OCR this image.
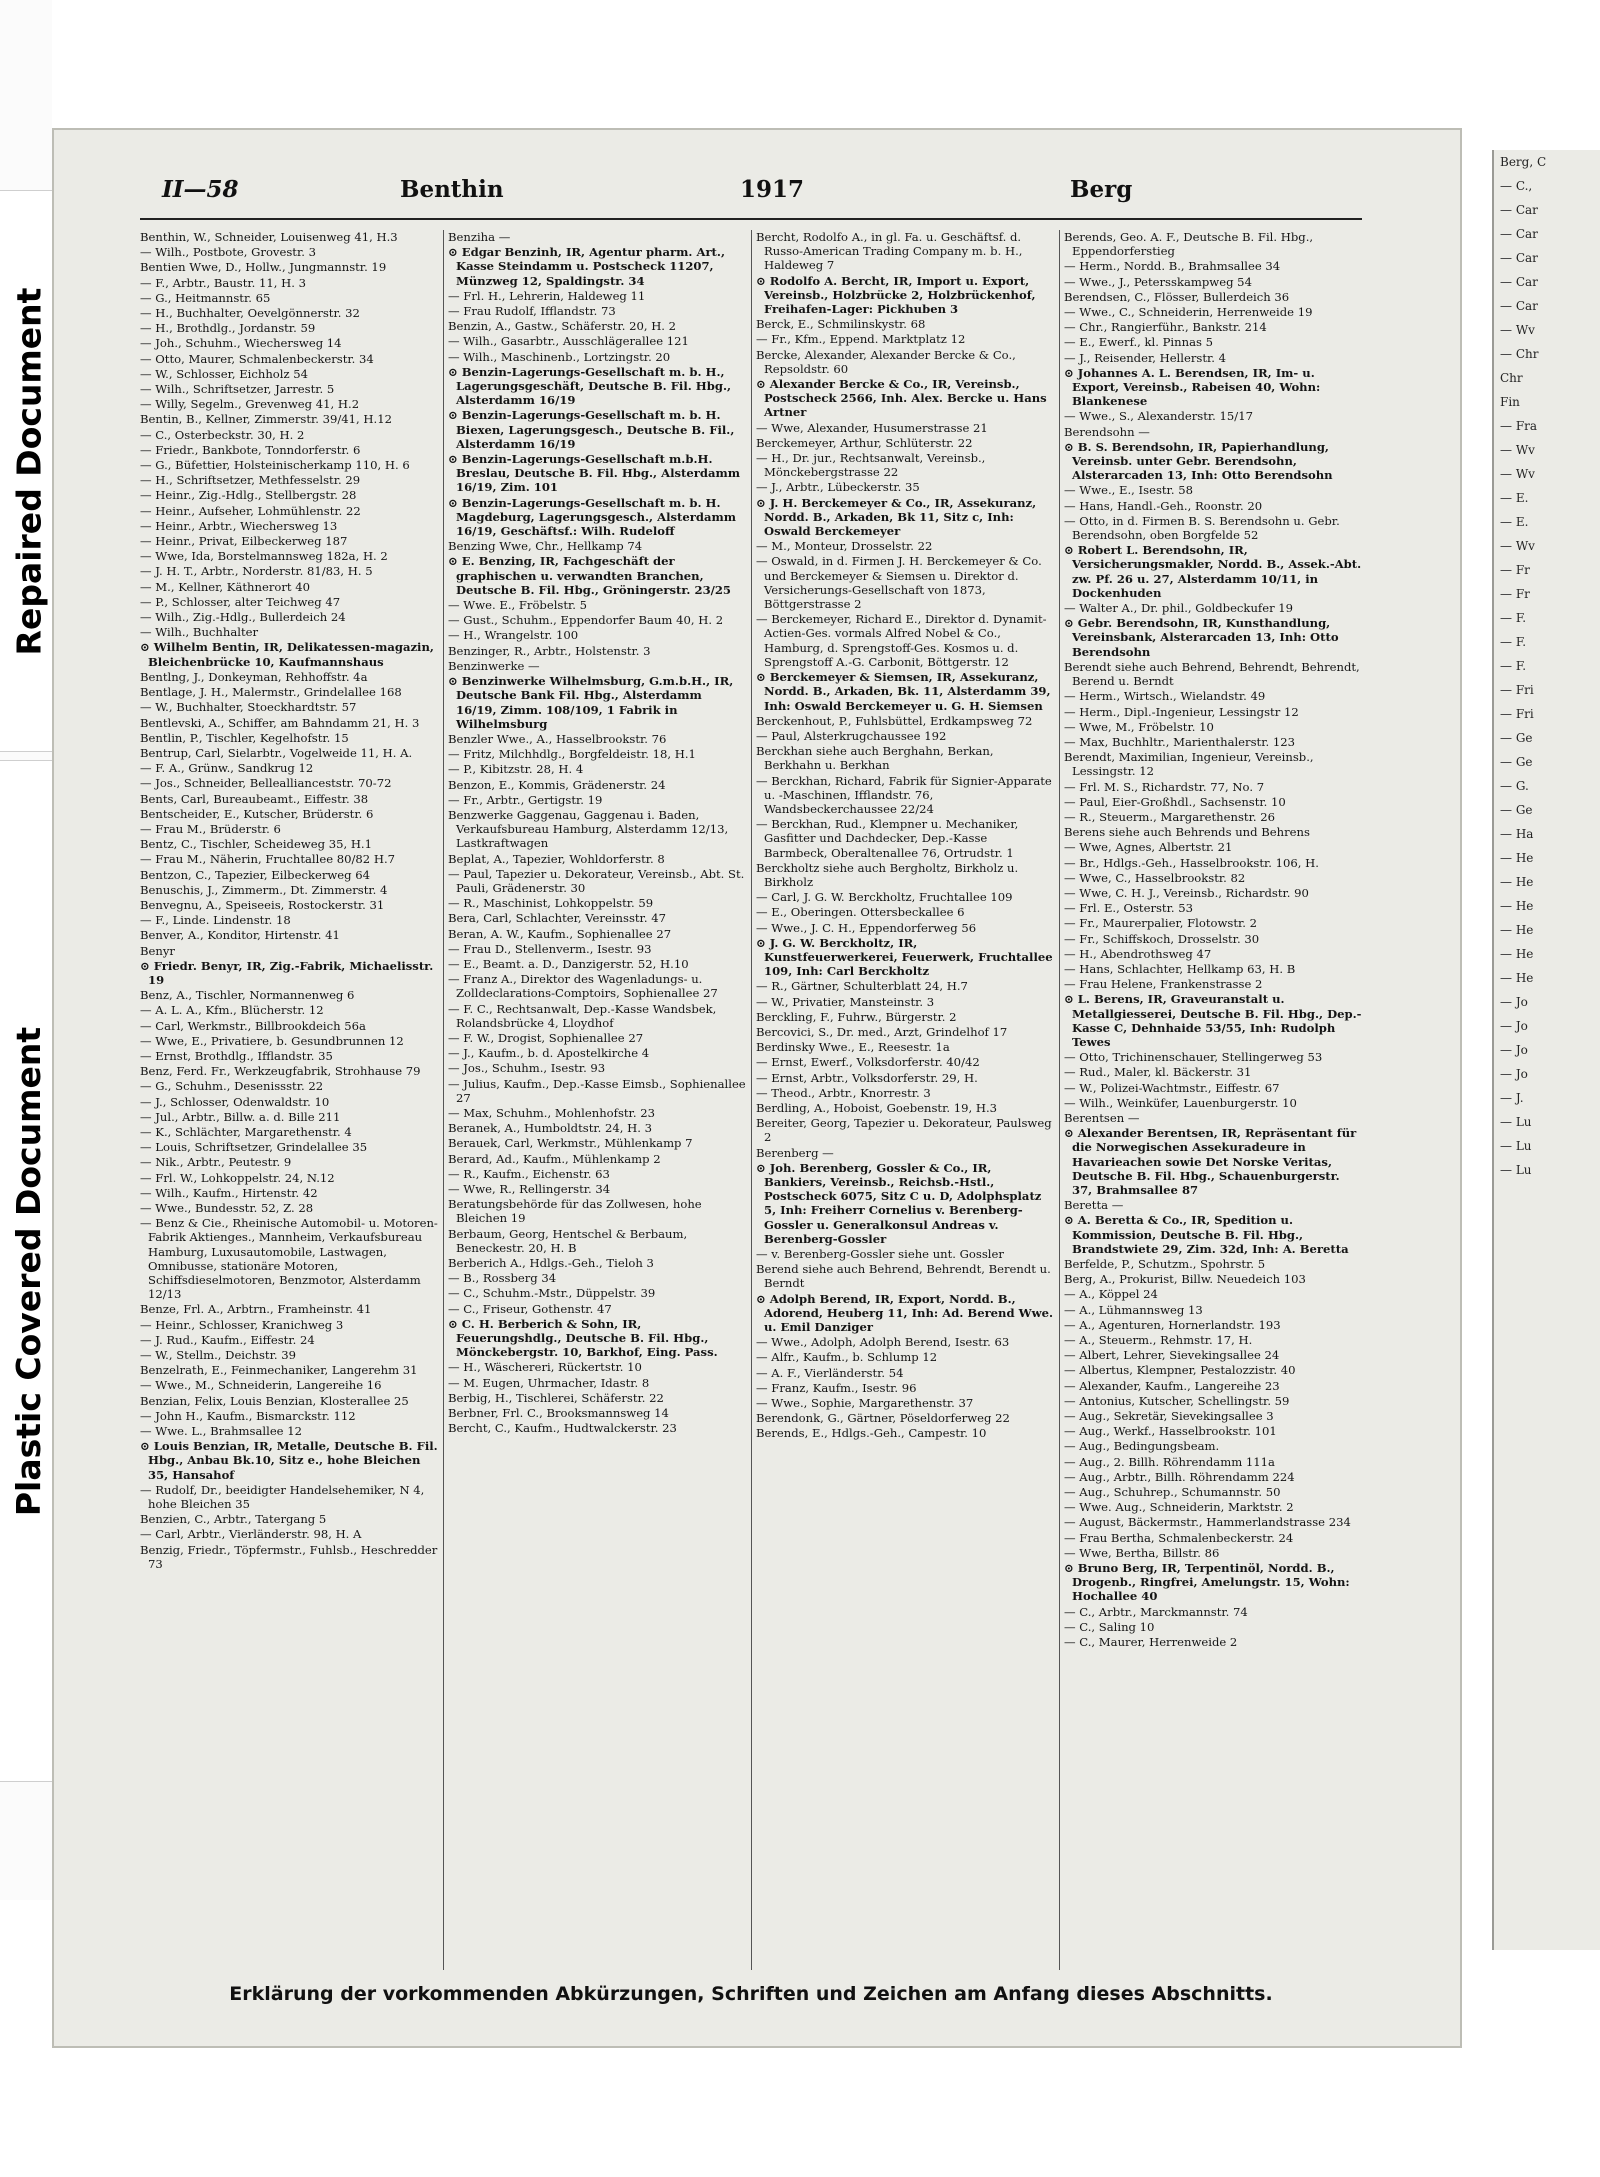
Repaired Document
Plastic Covered Document
II—58	Benthin	1917	Berg
Benthin, W., Schneider, Louisenweg 41, H.3
— Wilh., Postbote, Grovestr. 3
Bentien Wwe, D., Hollw., Jungmannstr. 19
— F., Arbtr., Baustr. 11, H. 3
— G., Heitmannstr. 65
— H., Buchhalter, Oevelgönnerstr. 32
— H., Brothdlg., Jordanstr. 59
— Joh., Schuhm., Wiechersweg 14
— Otto, Maurer, Schmalenbeckerstr. 34
— W., Schlosser, Eichholz 54
— Wilh., Schriftsetzer, Jarrestr. 5
— Willy, Segelm., Grevenweg 41, H.2
Bentin, B., Kellner, Zimmerstr. 39/41, H.12
— C., Osterbeckstr. 30, H. 2
— Friedr., Bankbote, Tonndorferstr. 6
— G., Büfettier, Holsteinischerkamp 110, H. 6
— H., Schriftsetzer, Methfesselstr. 29
— Heinr., Zig.-Hdlg., Stellbergstr. 28
— Heinr., Aufseher, Lohmühlenstr. 22
— Heinr., Arbtr., Wiechersweg 13
— Heinr., Privat, Eilbeckerweg 187
— Wwe, Ida, Borstelmannsweg 182a, H. 2
— J. H. T., Arbtr., Norderstr. 81/83, H. 5
— M., Kellner, Käthnerort 40
— P., Schlosser, alter Teichweg 47
— Wilh., Zig.-Hdlg., Bullerdeich 24
— Wilh., Buchhalter
⊙ Wilhelm Bentin, IR, Delikatessen-magazin, Bleichenbrücke 10, Kaufmannshaus
Bentlng, J., Donkeyman, Rehhoffstr. 4a
Bentlage, J. H., Malermstr., Grindelallee 168
— W., Buchhalter, Stoeckhardtstr. 57
Bentlevski, A., Schiffer, am Bahndamm 21, H. 3
Bentlin, P., Tischler, Kegelhofstr. 15
Bentrup, Carl, Sielarbtr., Vogelweide 11, H. A.
— F. A., Grünw., Sandkrug 12
— Jos., Schneider, Belleallianceststr. 70-72
Bents, Carl, Bureaubeamt., Eiffestr. 38
Bentscheider, E., Kutscher, Brüderstr. 6
— Frau M., Brüderstr. 6
Bentz, C., Tischler, Scheideweg 35, H.1
— Frau M., Näherin, Fruchtallee 80/82 H.7
Bentzon, C., Tapezier, Eilbeckerweg 64
Benuschis, J., Zimmerm., Dt. Zimmerstr. 4
Benvegnu, A., Speiseeis, Rostockerstr. 31
— F., Linde. Lindenstr. 18
Benver, A., Konditor, Hirtenstr. 41
Benyr
⊙ Friedr. Benyr, IR, Zig.-Fabrik, Michaelisstr. 19
Benz, A., Tischler, Normannenweg 6
— A. L. A., Kfm., Blücherstr. 12
— Carl, Werkmstr., Billbrookdeich 56a
— Wwe, E., Privatiere, b. Gesundbrunnen 12
— Ernst, Brothdlg., Ifflandstr. 35
Benz, Ferd. Fr., Werkzeugfabrik, Strohhause 79
— G., Schuhm., Desenissstr. 22
— J., Schlosser, Odenwaldstr. 10
— Jul., Arbtr., Billw. a. d. Bille 211
— K., Schlächter, Margarethenstr. 4
— Louis, Schriftsetzer, Grindelallee 35
— Nik., Arbtr., Peutestr. 9
— Frl. W., Lohkoppelstr. 24, N.12
— Wilh., Kaufm., Hirtenstr. 42
— Wwe., Bundesstr. 52, Z. 28
— Benz & Cie., Rheinische Automobil- u. Motoren-Fabrik Aktienges., Mannheim, Verkaufsbureau Hamburg, Luxusautomobile, Lastwagen, Omnibusse, stationäre Motoren, Schiffsdieselmotoren, Benzmotor, Alsterdamm 12/13
Benze, Frl. A., Arbtrn., Framheinstr. 41
— Heinr., Schlosser, Kranichweg 3
— J. Rud., Kaufm., Eiffestr. 24
— W., Stellm., Deichstr. 39
Benzelrath, E., Feinmechaniker, Langerehm 31
— Wwe., M., Schneiderin, Langereihe 16
Benzian, Felix, Louis Benzian, Klosterallee 25
— John H., Kaufm., Bismarckstr. 112
— Wwe. L., Brahmsallee 12
⊙ Louis Benzian, IR, Metalle, Deutsche B. Fil. Hbg., Anbau Bk.10, Sitz e., hohe Bleichen 35, Hansahof
— Rudolf, Dr., beeidigter Handelsehemiker, N 4, hohe Bleichen 35
Benzien, C., Arbtr., Tatergang 5
— Carl, Arbtr., Vierländerstr. 98, H. A
Benzig, Friedr., Töpfermstr., Fuhlsb., Heschredder 73
Benziha —
⊙ Edgar Benzinh, IR, Agentur pharm. Art., Kasse Steindamm u. Postscheck 11207, Münzweg 12, Spaldingstr. 34
— Frl. H., Lehrerin, Haldeweg 11
— Frau Rudolf, Ifflandstr. 73
Benzin, A., Gastw., Schäferstr. 20, H. 2
— Wilh., Gasarbtr., Ausschlägerallee 121
— Wilh., Maschinenb., Lortzingstr. 20
⊙ Benzin-Lagerungs-Gesellschaft m. b. H., Lagerungsgeschäft, Deutsche B. Fil. Hbg., Alsterdamm 16/19
⊙ Benzin-Lagerungs-Gesellschaft m. b. H. Biexen, Lagerungsgesch., Deutsche B. Fil., Alsterdamm 16/19
⊙ Benzin-Lagerungs-Gesellschaft m.b.H. Breslau, Deutsche B. Fil. Hbg., Alsterdamm 16/19, Zim. 101
⊙ Benzin-Lagerungs-Gesellschaft m. b. H. Magdeburg, Lagerungsgesch., Alsterdamm 16/19, Geschäftsf.: Wilh. Rudeloff
Benzing Wwe, Chr., Hellkamp 74
⊙ E. Benzing, IR, Fachgeschäft der graphischen u. verwandten Branchen, Deutsche B. Fil. Hbg., Gröningerstr. 23/25
— Wwe. E., Fröbelstr. 5
— Gust., Schuhm., Eppendorfer Baum 40, H. 2
— H., Wrangelstr. 100
Benzinger, R., Arbtr., Holstenstr. 3
Benzinwerke —
⊙ Benzinwerke Wilhelmsburg, G.m.b.H., IR, Deutsche Bank Fil. Hbg., Alsterdamm 16/19, Zimm. 108/109, 1 Fabrik in Wilhelmsburg
Benzler Wwe., A., Hasselbrookstr. 76
— Fritz, Milchhdlg., Borgfeldeistr. 18, H.1
— P., Kibitzstr. 28, H. 4
Benzon, E., Kommis, Grädenerstr. 24
— Fr., Arbtr., Gertigstr. 19
Benzwerke Gaggenau, Gaggenau i. Baden, Verkaufsbureau Hamburg, Alsterdamm 12/13, Lastkraftwagen
Beplat, A., Tapezier, Wohldorferstr. 8
— Paul, Tapezier u. Dekorateur, Vereinsb., Abt. St. Pauli, Grädenerstr. 30
— R., Maschinist, Lohkoppelstr. 59
Bera, Carl, Schlachter, Vereinsstr. 47
Beran, A. W., Kaufm., Sophienallee 27
— Frau D., Stellenverm., Isestr. 93
— E., Beamt. a. D., Danzigerstr. 52, H.10
— Franz A., Direktor des Wagenladungs- u. Zolldeclarations-Comptoirs, Sophienallee 27
— F. C., Rechtsanwalt, Dep.-Kasse Wandsbek, Rolandsbrücke 4, Lloydhof
— F. W., Drogist, Sophienallee 27
— J., Kaufm., b. d. Apostelkirche 4
— Jos., Schuhm., Isestr. 93
— Julius, Kaufm., Dep.-Kasse Eimsb., Sophienallee 27
— Max, Schuhm., Mohlenhofstr. 23
Beranek, A., Humboldtstr. 24, H. 3
Berauek, Carl, Werkmstr., Mühlenkamp 7
Berard, Ad., Kaufm., Mühlenkamp 2
— R., Kaufm., Eichenstr. 63
— Wwe, R., Rellingerstr. 34
Beratungsbehörde für das Zollwesen, hohe Bleichen 19
Berbaum, Georg, Hentschel & Berbaum, Beneckestr. 20, H. B
Berberich A., Hdlgs.-Geh., Tieloh 3
— B., Rossberg 34
— C., Schuhm.-Mstr., Düppelstr. 39
— C., Friseur, Gothenstr. 47
⊙ C. H. Berberich & Sohn, IR, Feuerungshdlg., Deutsche B. Fil. Hbg., Mönckebergstr. 10, Barkhof, Eing. Pass.
— H., Wäschereri, Rückertstr. 10
— M. Eugen, Uhrmacher, Idastr. 8
Berbig, H., Tischlerei, Schäferstr. 22
Berbner, Frl. C., Brooksmannsweg 14
Bercht, C., Kaufm., Hudtwalckerstr. 23
Bercht, Rodolfo A., in gl. Fa. u. Geschäftsf. d. Russo-American Trading Company m. b. H., Haldeweg 7
⊙ Rodolfo A. Bercht, IR, Import u. Export, Vereinsb., Holzbrücke 2, Holzbrückenhof, Freihafen-Lager: Pickhuben 3
Berck, E., Schmilinskystr. 68
— Fr., Kfm., Eppend. Marktplatz 12
Bercke, Alexander, Alexander Bercke & Co., Repsoldstr. 60
⊙ Alexander Bercke & Co., IR, Vereinsb., Postscheck 2566, Inh. Alex. Bercke u. Hans Artner
— Wwe, Alexander, Husumerstrasse 21
Berckemeyer, Arthur, Schlüterstr. 22
— H., Dr. jur., Rechtsanwalt, Vereinsb., Mönckebergstrasse 22
— J., Arbtr., Lübeckerstr. 35
⊙ J. H. Berckemeyer & Co., IR, Assekuranz, Nordd. B., Arkaden, Bk 11, Sitz c, Inh: Oswald Berckemeyer
— M., Monteur, Drosselstr. 22
— Oswald, in d. Firmen J. H. Berckemeyer & Co. und Berckemeyer & Siemsen u. Direktor d. Versicherungs-Gesellschaft von 1873, Böttgerstrasse 2
— Berckemeyer, Richard E., Direktor d. Dynamit-Actien-Ges. vormals Alfred Nobel & Co., Hamburg, d. Sprengstoff-Ges. Kosmos u. d. Sprengstoff A.-G. Carbonit, Böttgerstr. 12
⊙ Berckemeyer & Siemsen, IR, Assekuranz, Nordd. B., Arkaden, Bk. 11, Alsterdamm 39, Inh: Oswald Berckemeyer u. G. H. Siemsen
Berckenhout, P., Fuhlsbüttel, Erdkampsweg 72
— Paul, Alsterkrugchaussee 192
Berckhan siehe auch Berghahn, Berkan, Berkhahn u. Berkhan
— Berckhan, Richard, Fabrik für Signier-Apparate u. -Maschinen, Ifflandstr. 76, Wandsbeckerchaussee 22/24
— Berckhan, Rud., Klempner u. Mechaniker, Gasfitter und Dachdecker, Dep.-Kasse Barmbeck, Oberaltenallee 76, Ortrudstr. 1
Berckholtz siehe auch Bergholtz, Birkholz u. Birkholz
— Carl, J. G. W. Berckholtz, Fruchtallee 109
— E., Oberingen. Ottersbeckallee 6
— Wwe., J. C. H., Eppendorferweg 56
⊙ J. G. W. Berckholtz, IR, Kunstfeuerwerkerei, Feuerwerk, Fruchtallee 109, Inh: Carl Berckholtz
— R., Gärtner, Schulterblatt 24, H.7
— W., Privatier, Mansteinstr. 3
Berckling, F., Fuhrw., Bürgerstr. 2
Bercovici, S., Dr. med., Arzt, Grindelhof 17
Berdinsky Wwe., E., Reesestr. 1a
— Ernst, Ewerf., Volksdorferstr. 40/42
— Ernst, Arbtr., Volksdorferstr. 29, H.
— Theod., Arbtr., Knorrestr. 3
Berdling, A., Hoboist, Goebenstr. 19, H.3
Bereiter, Georg, Tapezier u. Dekorateur, Paulsweg 2
Berenberg —
⊙ Joh. Berenberg, Gossler & Co., IR, Bankiers, Vereinsb., Reichsb.-Hstl., Postscheck 6075, Sitz C u. D, Adolphsplatz 5, Inh: Freiherr Cornelius v. Berenberg-Gossler u. Generalkonsul Andreas v. Berenberg-Gossler
— v. Berenberg-Gossler siehe unt. Gossler
Berend siehe auch Behrend, Behrendt, Berendt u. Berndt
⊙ Adolph Berend, IR, Export, Nordd. B., Adorend, Heuberg 11, Inh: Ad. Berend Wwe. u. Emil Danziger
— Wwe., Adolph, Adolph Berend, Isestr. 63
— Alfr., Kaufm., b. Schlump 12
— A. F., Vierländerstr. 54
— Franz, Kaufm., Isestr. 96
— Wwe., Sophie, Margarethenstr. 37
Berendonk, G., Gärtner, Pöseldorferweg 22
Berends, E., Hdlgs.-Geh., Campestr. 10
Berends, Geo. A. F., Deutsche B. Fil. Hbg., Eppendorferstieg
— Herm., Nordd. B., Brahmsallee 34
— Wwe., J., Petersskampweg 54
Berendsen, C., Flösser, Bullerdeich 36
— Wwe., C., Schneiderin, Herrenweide 19
— Chr., Rangierführ., Bankstr. 214
— E., Ewerf., kl. Pinnas 5
— J., Reisender, Hellerstr. 4
⊙ Johannes A. L. Berendsen, IR, Im- u. Export, Vereinsb., Rabeisen 40, Wohn: Blankenese
— Wwe., S., Alexanderstr. 15/17
Berendsohn —
⊙ B. S. Berendsohn, IR, Papierhandlung, Vereinsb. unter Gebr. Berendsohn, Alsterarcaden 13, Inh: Otto Berendsohn
— Wwe., E., Isestr. 58
— Hans, Handl.-Geh., Roonstr. 20
— Otto, in d. Firmen B. S. Berendsohn u. Gebr. Berendsohn, oben Borgfelde 52
⊙ Robert L. Berendsohn, IR, Versicherungsmakler, Nordd. B., Assek.-Abt. zw. Pf. 26 u. 27, Alsterdamm 10/11, in Dockenhuden
— Walter A., Dr. phil., Goldbeckufer 19
⊙ Gebr. Berendsohn, IR, Kunsthandlung, Vereinsbank, Alsterarcaden 13, Inh: Otto Berendsohn
Berendt siehe auch Behrend, Behrendt, Behrendt, Berend u. Berndt
— Herm., Wirtsch., Wielandstr. 49
— Herm., Dipl.-Ingenieur, Lessingstr 12
— Wwe, M., Fröbelstr. 10
— Max, Buchhltr., Marienthalerstr. 123
Berendt, Maximilian, Ingenieur, Vereinsb., Lessingstr. 12
— Frl. M. S., Richardstr. 77, No. 7
— Paul, Eier-Großhdl., Sachsenstr. 10
— R., Steuerm., Margarethenstr. 26
Berens siehe auch Behrends und Behrens
— Wwe, Agnes, Albertstr. 21
— Br., Hdlgs.-Geh., Hasselbrookstr. 106, H.
— Wwe, C., Hasselbrookstr. 82
— Wwe, C. H. J., Vereinsb., Richardstr. 90
— Frl. E., Osterstr. 53
— Fr., Maurerpalier, Flotowstr. 2
— Fr., Schiffskoch, Drosselstr. 30
— H., Abendrothsweg 47
— Hans, Schlachter, Hellkamp 63, H. B
— Frau Helene, Frankenstrasse 2
⊙ L. Berens, IR, Graveuranstalt u. Metallgiesserei, Deutsche B. Fil. Hbg., Dep.-Kasse C, Dehnhaide 53/55, Inh: Rudolph Tewes
— Otto, Trichinenschauer, Stellingerweg 53
— Rud., Maler, kl. Bäckerstr. 31
— W., Polizei-Wachtmstr., Eiffestr. 67
— Wilh., Weinküfer, Lauenburgerstr. 10
Berentsen —
⊙ Alexander Berentsen, IR, Repräsentant für die Norwegischen Assekuradeure in Havarieachen sowie Det Norske Veritas, Deutsche B. Fil. Hbg., Schauenburgerstr. 37, Brahmsallee 87
Beretta —
⊙ A. Beretta & Co., IR, Spedition u. Kommission, Deutsche B. Fil. Hbg., Brandstwiete 29, Zim. 32d, Inh: A. Beretta
Berfelde, P., Schutzm., Spohrstr. 5
Berg, A., Prokurist, Billw. Neuedeich 103
— A., Köppel 24
— A., Lühmannsweg 13
— A., Agenturen, Hornerlandstr. 193
— A., Steuerm., Rehmstr. 17, H.
— Albert, Lehrer, Sievekingsallee 24
— Albertus, Klempner, Pestalozzistr. 40
— Alexander, Kaufm., Langereihe 23
— Antonius, Kutscher, Schellingstr. 59
— Aug., Sekretär, Sievekingsallee 3
— Aug., Werkf., Hasselbrookstr. 101
— Aug., Bedingungsbeam.
— Aug., 2. Billh. Röhrendamm 111a
— Aug., Arbtr., Billh. Röhrendamm 224
— Aug., Schuhrep., Schumannstr. 50
— Wwe. Aug., Schneiderin, Marktstr. 2
— August, Bäckermstr., Hammerlandstrasse 234
— Frau Bertha, Schmalenbeckerstr. 24
— Wwe, Bertha, Billstr. 86
⊙ Bruno Berg, IR, Terpentinöl, Nordd. B., Drogenb., Ringfrei, Amelungstr. 15, Wohn: Hochallee 40
— C., Arbtr., Marckmannstr. 74
— C., Saling 10
— C., Maurer, Herrenweide 2
Erklärung der vorkommenden Abkürzungen, Schriften und Zeichen am Anfang dieses Abschnitts.
Berg, C
— C.,
— Car
— Car
— Car
— Car
— Car
— Wv
— Chr
Chr
Fin
— Fra
— Wv
— Wv
— E.
— E.
— Wv
— Fr
— Fr
— F.
— F.
— F.
— Fri
— Fri
— Ge
— Ge
— G.
— Ge
— Ha
— He
— He
— He
— He
— He
— He
— Jo
— Jo
— Jo
— Jo
— J.
— Lu
— Lu
— Lu
